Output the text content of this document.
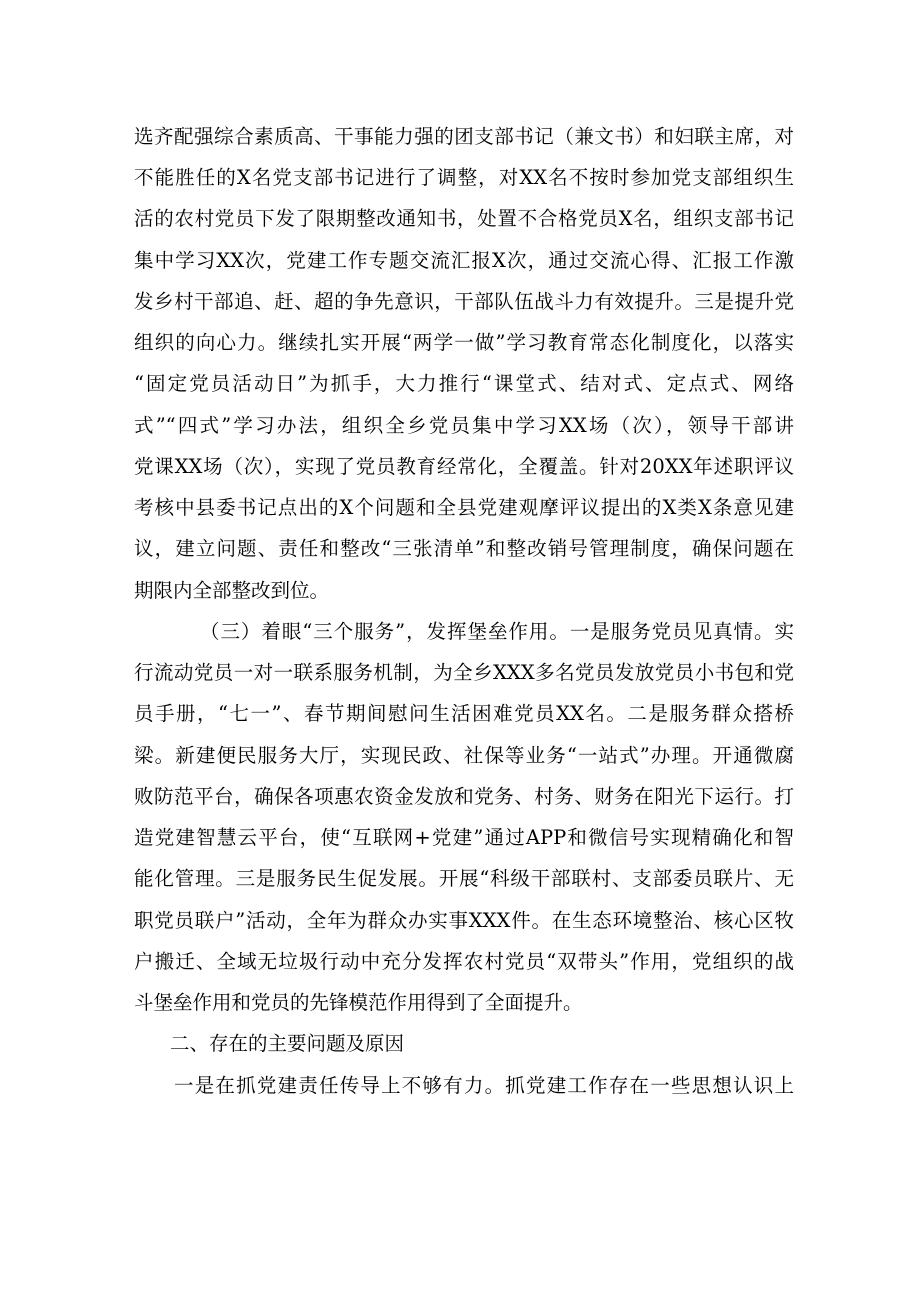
选齐配强综合素质高、干事能力强的团支部书记（兼文书）和妇联主席，对
不能胜任的X名党支部书记进行了调整，对XX名不按时参加党支部组织生
活的农村党员下发了限期整改通知书，处置不合格党员X名，组织支部书记
集中学习XX次，党建工作专题交流汇报X次，通过交流心得、汇报工作激
发乡村干部追、赶、超的争先意识，干部队伍战斗力有效提升。三是提升党
组织的向心力。继续扎实开展“两学一做”学习教育常态化制度化，以落实
“固定党员活动日”为抓手，大力推行“课堂式、结对式、定点式、网络
式”“四式”学习办法，组织全乡党员集中学习XX场（次），领导干部讲
党课XX场（次），实现了党员教育经常化，全覆盖。针对20XX年述职评议
考核中县委书记点出的X个问题和全县党建观摩评议提出的X类X条意见建
议，建立问题、责任和整改“三张清单”和整改销号管理制度，确保问题在
期限内全部整改到位。
（三）着眼“三个服务”，发挥堡垒作用。一是服务党员见真情。实
行流动党员一对一联系服务机制，为全乡XXX多名党员发放党员小书包和党
员手册，“七一”、春节期间慰问生活困难党员XX名。二是服务群众搭桥
梁。新建便民服务大厅，实现民政、社保等业务“一站式”办理。开通微腐
败防范平台，确保各项惠农资金发放和党务、村务、财务在阳光下运行。打
造党建智慧云平台，使“互联网+党建”通过APP和微信号实现精确化和智
能化管理。三是服务民生促发展。开展“科级干部联村、支部委员联片、无
职党员联户”活动，全年为群众办实事XXX件。在生态环境整治、核心区牧
户搬迁、全域无垃圾行动中充分发挥农村党员“双带头”作用，党组织的战
斗堡垒作用和党员的先锋模范作用得到了全面提升。
二、存在的主要问题及原因
一是在抓党建责任传导上不够有力。抓党建工作存在一些思想认识上
